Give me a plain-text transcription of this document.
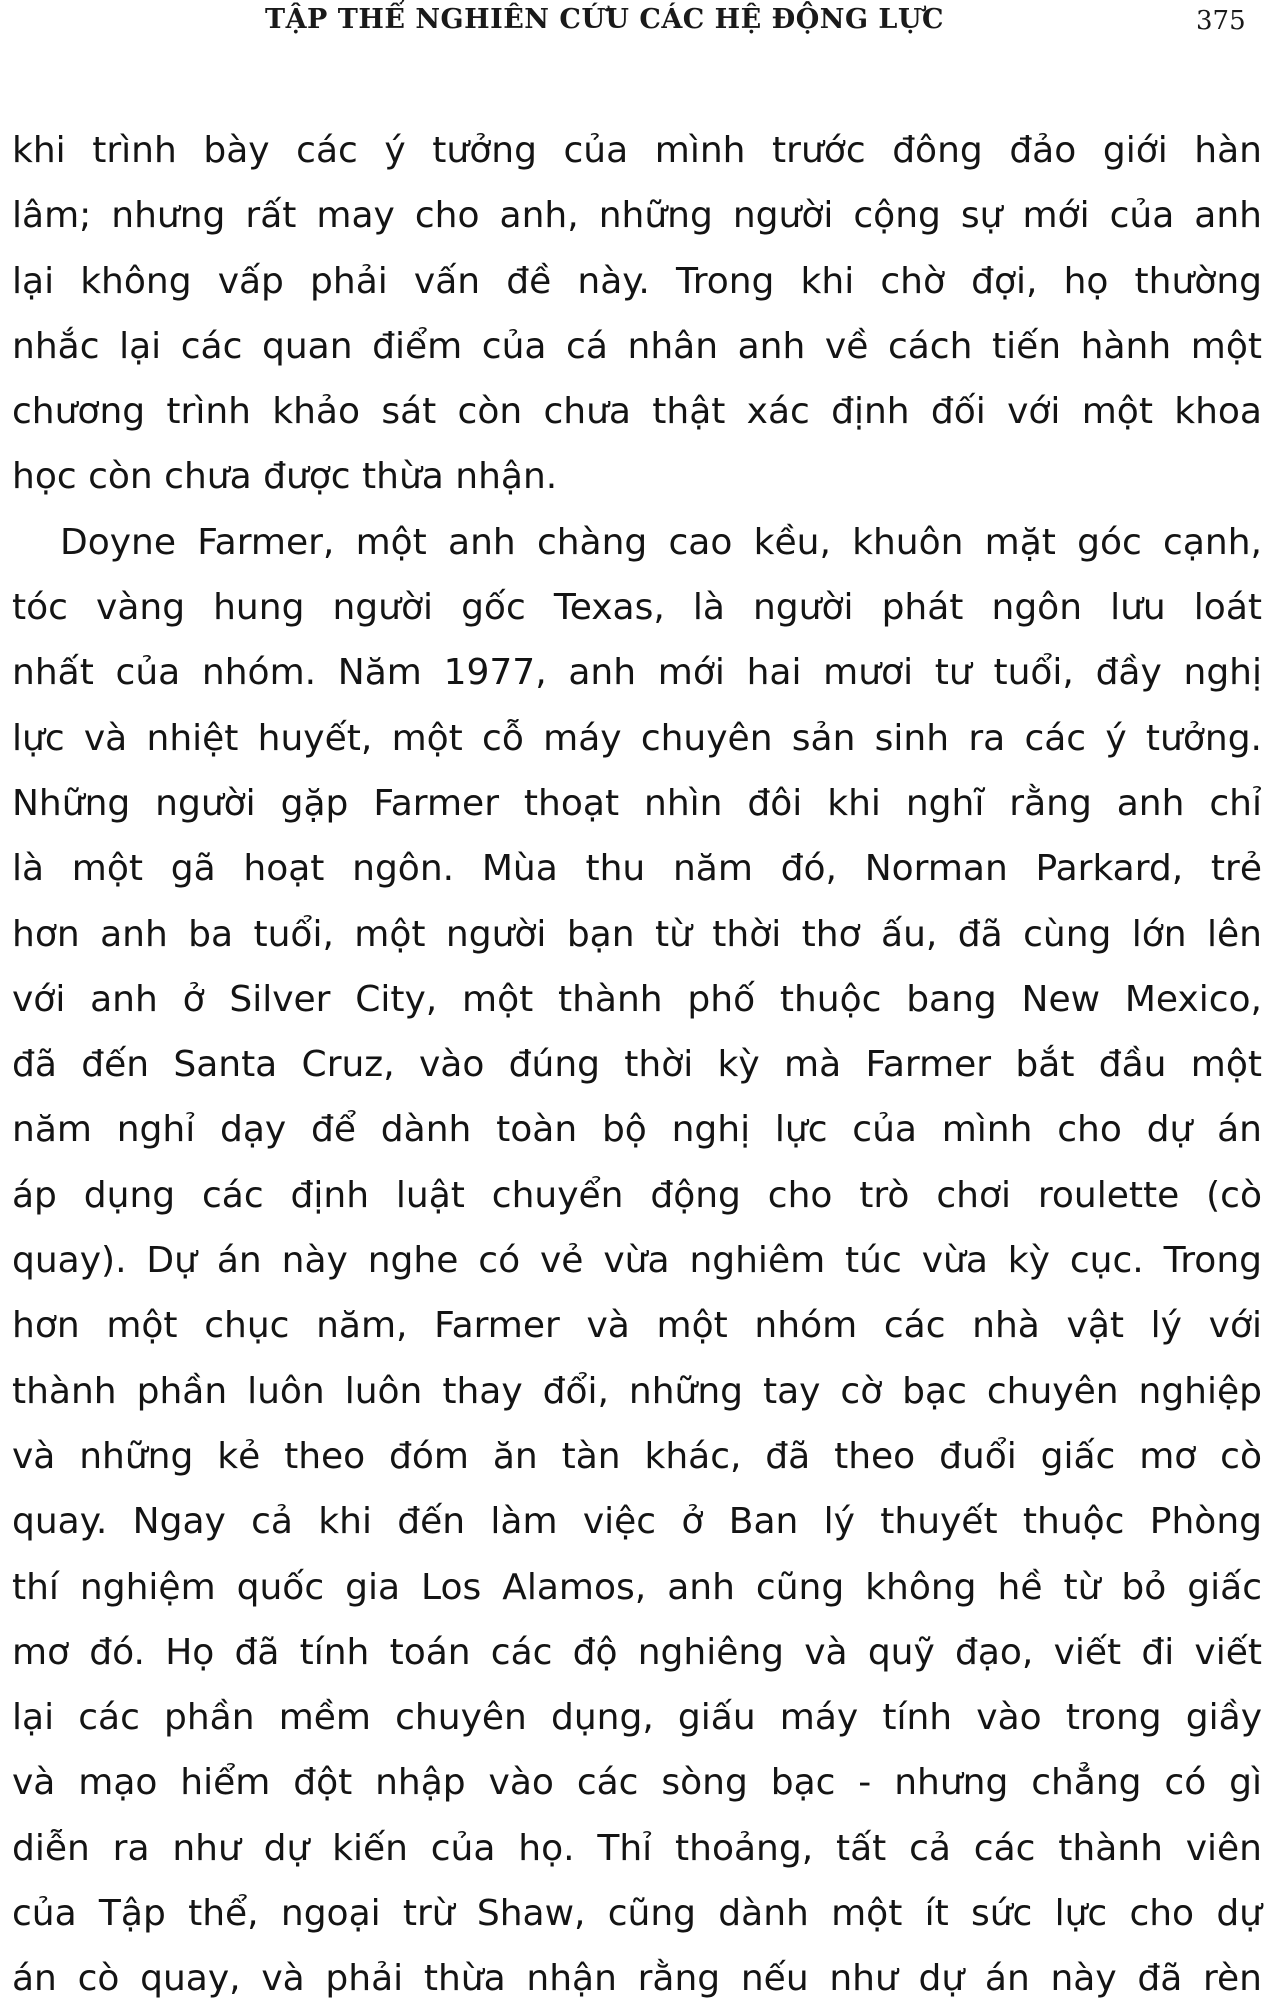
TẬP THỂ NGHIÊN CỨU CÁC HỆ ĐỘNG LỰC	375

khi trình bày các ý tưởng của mình trước đông đảo giới hàn
lâm; nhưng rất may cho anh, những người cộng sự mới của anh
lại không vấp phải vấn đề này. Trong khi chờ đợi, họ thường
nhắc lại các quan điểm của cá nhân anh về cách tiến hành một
chương trình khảo sát còn chưa thật xác định đối với một khoa
học còn chưa được thừa nhận.

Doyne Farmer, một anh chàng cao kều, khuôn mặt góc cạnh,
tóc vàng hung người gốc Texas, là người phát ngôn lưu loát
nhất của nhóm. Năm 1977, anh mới hai mươi tư tuổi, đầy nghị
lực và nhiệt huyết, một cỗ máy chuyên sản sinh ra các ý tưởng.
Những người gặp Farmer thoạt nhìn đôi khi nghĩ rằng anh chỉ
là một gã hoạt ngôn. Mùa thu năm đó, Norman Parkard, trẻ
hơn anh ba tuổi, một người bạn từ thời thơ ấu, đã cùng lớn lên
với anh ở Silver City, một thành phố thuộc bang New Mexico,
đã đến Santa Cruz, vào đúng thời kỳ mà Farmer bắt đầu một
năm nghỉ dạy để dành toàn bộ nghị lực của mình cho dự án
áp dụng các định luật chuyển động cho trò chơi roulette (cò
quay). Dự án này nghe có vẻ vừa nghiêm túc vừa kỳ cục. Trong
hơn một chục năm, Farmer và một nhóm các nhà vật lý với
thành phần luôn luôn thay đổi, những tay cờ bạc chuyên nghiệp
và những kẻ theo đóm ăn tàn khác, đã theo đuổi giấc mơ cò
quay. Ngay cả khi đến làm việc ở Ban lý thuyết thuộc Phòng
thí nghiệm quốc gia Los Alamos, anh cũng không hề từ bỏ giấc
mơ đó. Họ đã tính toán các độ nghiêng và quỹ đạo, viết đi viết
lại các phần mềm chuyên dụng, giấu máy tính vào trong giầy
và mạo hiểm đột nhập vào các sòng bạc - nhưng chẳng có gì
diễn ra như dự kiến của họ. Thỉ thoảng, tất cả các thành viên
của Tập thể, ngoại trừ Shaw, cũng dành một ít sức lực cho dự
án cò quay, và phải thừa nhận rằng nếu như dự án này đã rèn
